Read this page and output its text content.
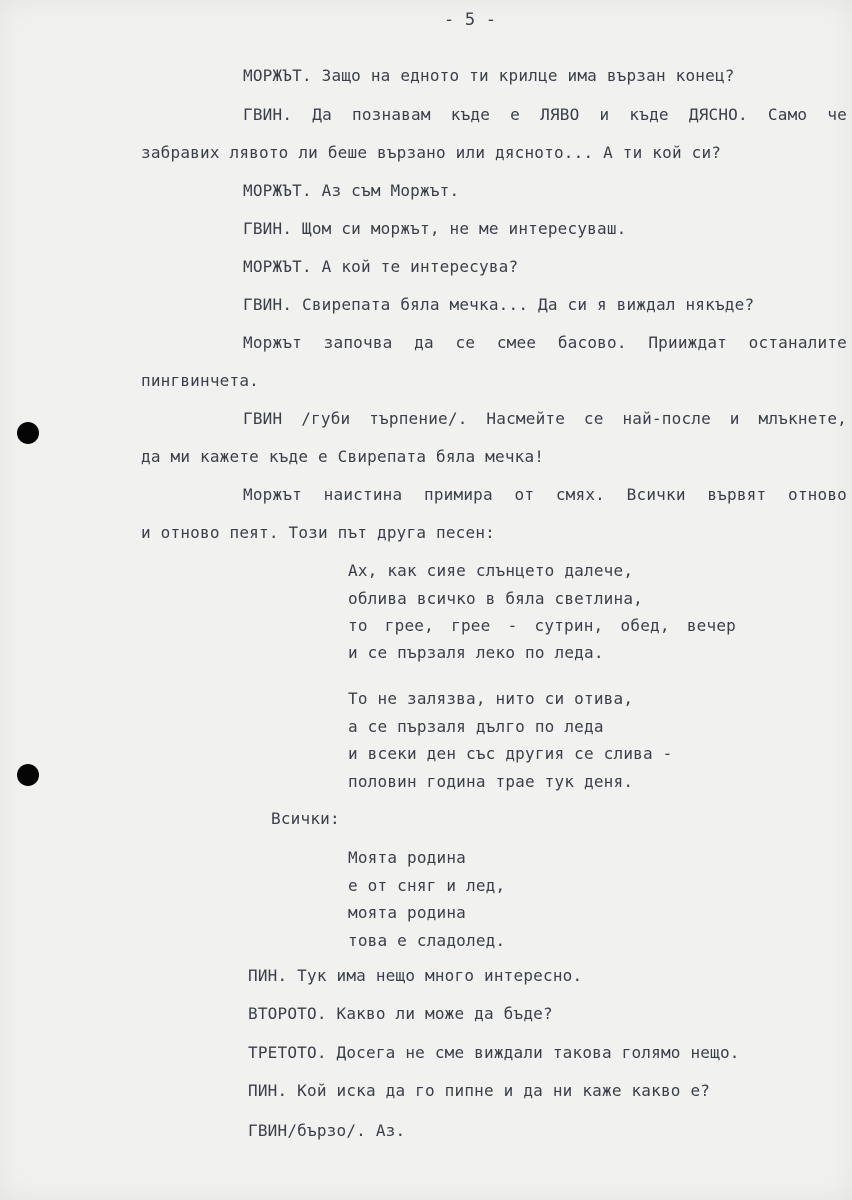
- 5 -
МОРЖЪТ. Защо на едното ти крилце има вързан конец?
ГВИН. Да познавам къде е ЛЯВО и къде ДЯСНО. Само че
забравих лявото ли беше вързано или дясното... А ти кой си?
МОРЖЪТ. Аз съм Моржът.
ГВИН. Щом си моржът, не ме интересуваш.
МОРЖЪТ. А кой те интересува?
ГВИН. Свирепата бяла мечка... Да си я виждал някъде?
Моржът започва да се смее басово. Прииждат останалите
пингвинчета.
ГВИН /губи търпение/. Насмейте се най-после и млъкнете,
да ми кажете къде е Свирепата бяла мечка!
Моржът наистина примира от смях. Всички вървят отново
и отново пеят. Този път друга песен:
Ах, как сияе слънцето далече,
облива всичко в бяла светлина,
то грее, грее - сутрин, обед, вечер
и се пързаля леко по леда.
То не залязва, нито си отива,
а се пързаля дълго по леда
и всеки ден със другия се слива -
половин година трае тук деня.
Всички:
Моята родина
е от сняг и лед,
моята родина
това е сладолед.
ПИН. Тук има нещо много интересно.
ВТОРОТО. Какво ли може да бъде?
ТРЕТОТО. Досега не сме виждали такова голямо нещо.
ПИН. Кой иска да го пипне и да ни каже какво е?
ГВИН/бързо/. Аз.
